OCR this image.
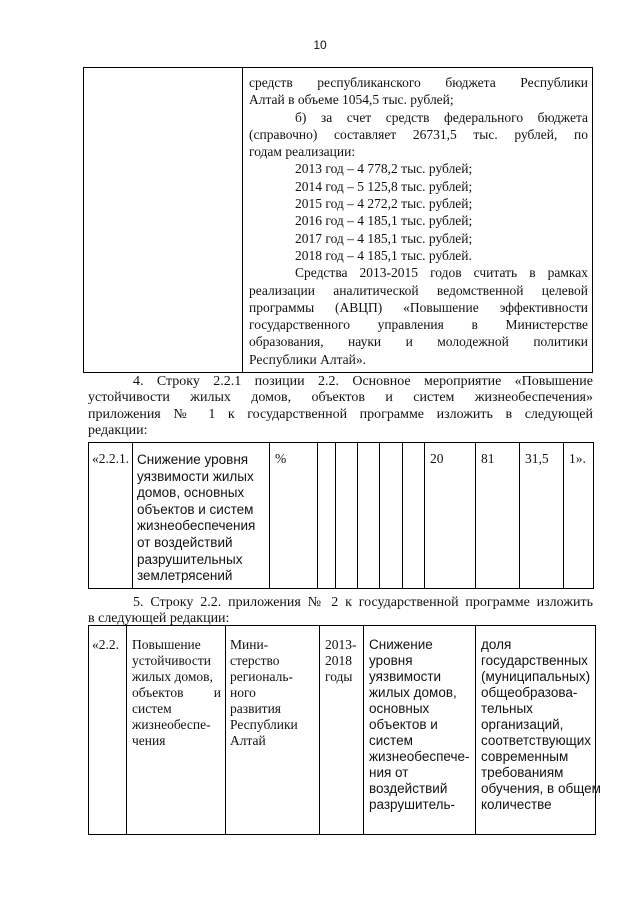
10
средств республиканского бюджета Республики
Алтай в объеме 1054,5 тыс. рублей;
б) за счет средств федерального бюджета
(справочно) составляет 26731,5 тыс. рублей, по
годам реализации:
2013 год – 4 778,2 тыс. рублей;
2014 год – 5 125,8 тыс. рублей;
2015 год – 4 272,2 тыс. рублей;
2016 год – 4 185,1 тыс. рублей;
2017 год – 4 185,1 тыс. рублей;
2018 год – 4 185,1 тыс. рублей.
Средства 2013-2015 годов считать в рамках
реализации аналитической ведомственной целевой
программы (АВЦП) «Повышение эффективности
государственного управления в Министерстве
образования, науки и молодежной политики
Республики Алтай».
4. Строку 2.2.1 позиции 2.2. Основное мероприятие «Повышение
устойчивости жилых домов, объектов и систем жизнеобеспечения»
приложения № 1 к государственной программе изложить в следующей
редакции:
«2.2.1. Снижение уровня
уязвимости жилых
домов, основных
объектов и систем
жизнеобеспечения
от воздействий
разрушительных
землетрясений
%	20	81 31,5 1».
5. Строку 2.2. приложения № 2 к государственной программе изложить
в следующей редакции:
«2.2. Повышение
устойчивости
жилых домов,
объектов и
систем
жизнеобеспе-
чения
Мини-
стерство
региональ-
ного
развития
Республики
Алтай
2013-
2018
годы
Снижение
уровня
уязвимости
жилых домов,
основных
объектов и
систем
жизнеобеспече-
ния от
воздействий
разрушитель-
доля
государственных
(муниципальных)
общеобразова-
тельных
организаций,
соответствующих
современным
требованиям
обучения, в общем
количестве
